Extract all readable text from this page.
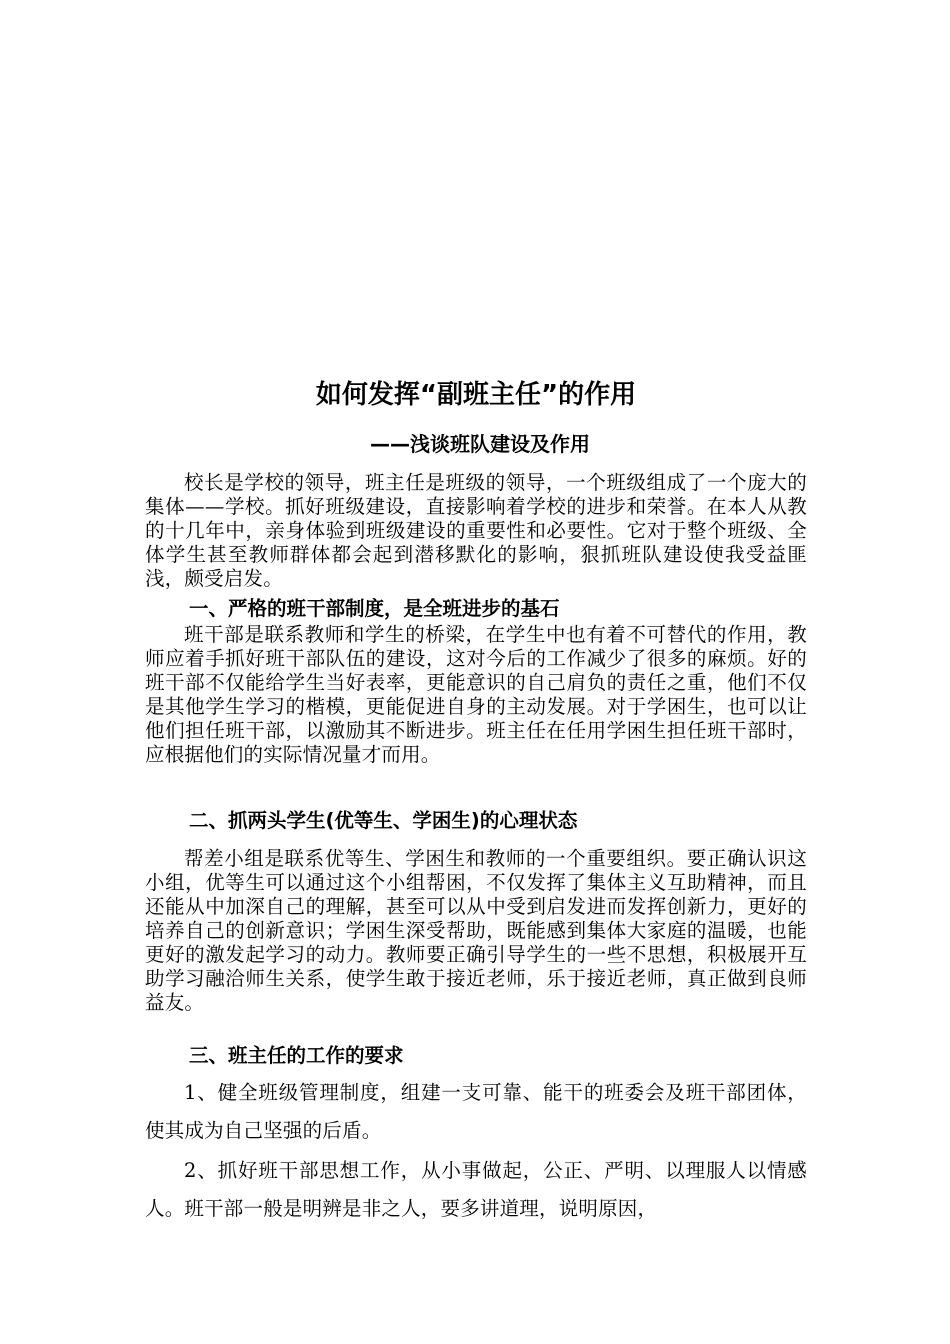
如何发挥“副班主任”的作用
——浅谈班队建设及作用

校长是学校的领导，班主任是班级的领导，一个班级组成了一个庞大的集体——学校。抓好班级建设，直接影响着学校的进步和荣誉。在本人从教的十几年中，亲身体验到班级建设的重要性和必要性。它对于整个班级、全体学生甚至教师群体都会起到潜移默化的影响，狠抓班队建设使我受益匪浅，颇受启发。

一、严格的班干部制度，是全班进步的基石

班干部是联系教师和学生的桥梁，在学生中也有着不可替代的作用，教师应着手抓好班干部队伍的建设，这对今后的工作减少了很多的麻烦。好的班干部不仅能给学生当好表率，更能意识的自己肩负的责任之重，他们不仅是其他学生学习的楷模，更能促进自身的主动发展。对于学困生，也可以让他们担任班干部，以激励其不断进步。班主任在任用学困生担任班干部时，应根据他们的实际情况量才而用。

二、抓两头学生(优等生、学困生)的心理状态

帮差小组是联系优等生、学困生和教师的一个重要组织。要正确认识这小组，优等生可以通过这个小组帮困，不仅发挥了集体主义互助精神，而且还能从中加深自己的理解，甚至可以从中受到启发进而发挥创新力，更好的培养自己的创新意识；学困生深受帮助，既能感到集体大家庭的温暖，也能更好的激发起学习的动力。教师要正确引导学生的一些不思想，积极展开互助学习融洽师生关系，使学生敢于接近老师，乐于接近老师，真正做到良师益友。

三、班主任的工作的要求

1、健全班级管理制度，组建一支可靠、能干的班委会及班干部团体，使其成为自己坚强的后盾。

2、抓好班干部思想工作，从小事做起，公正、严明、以理服人以情感人。班干部一般是明辨是非之人，要多讲道理，说明原因，
